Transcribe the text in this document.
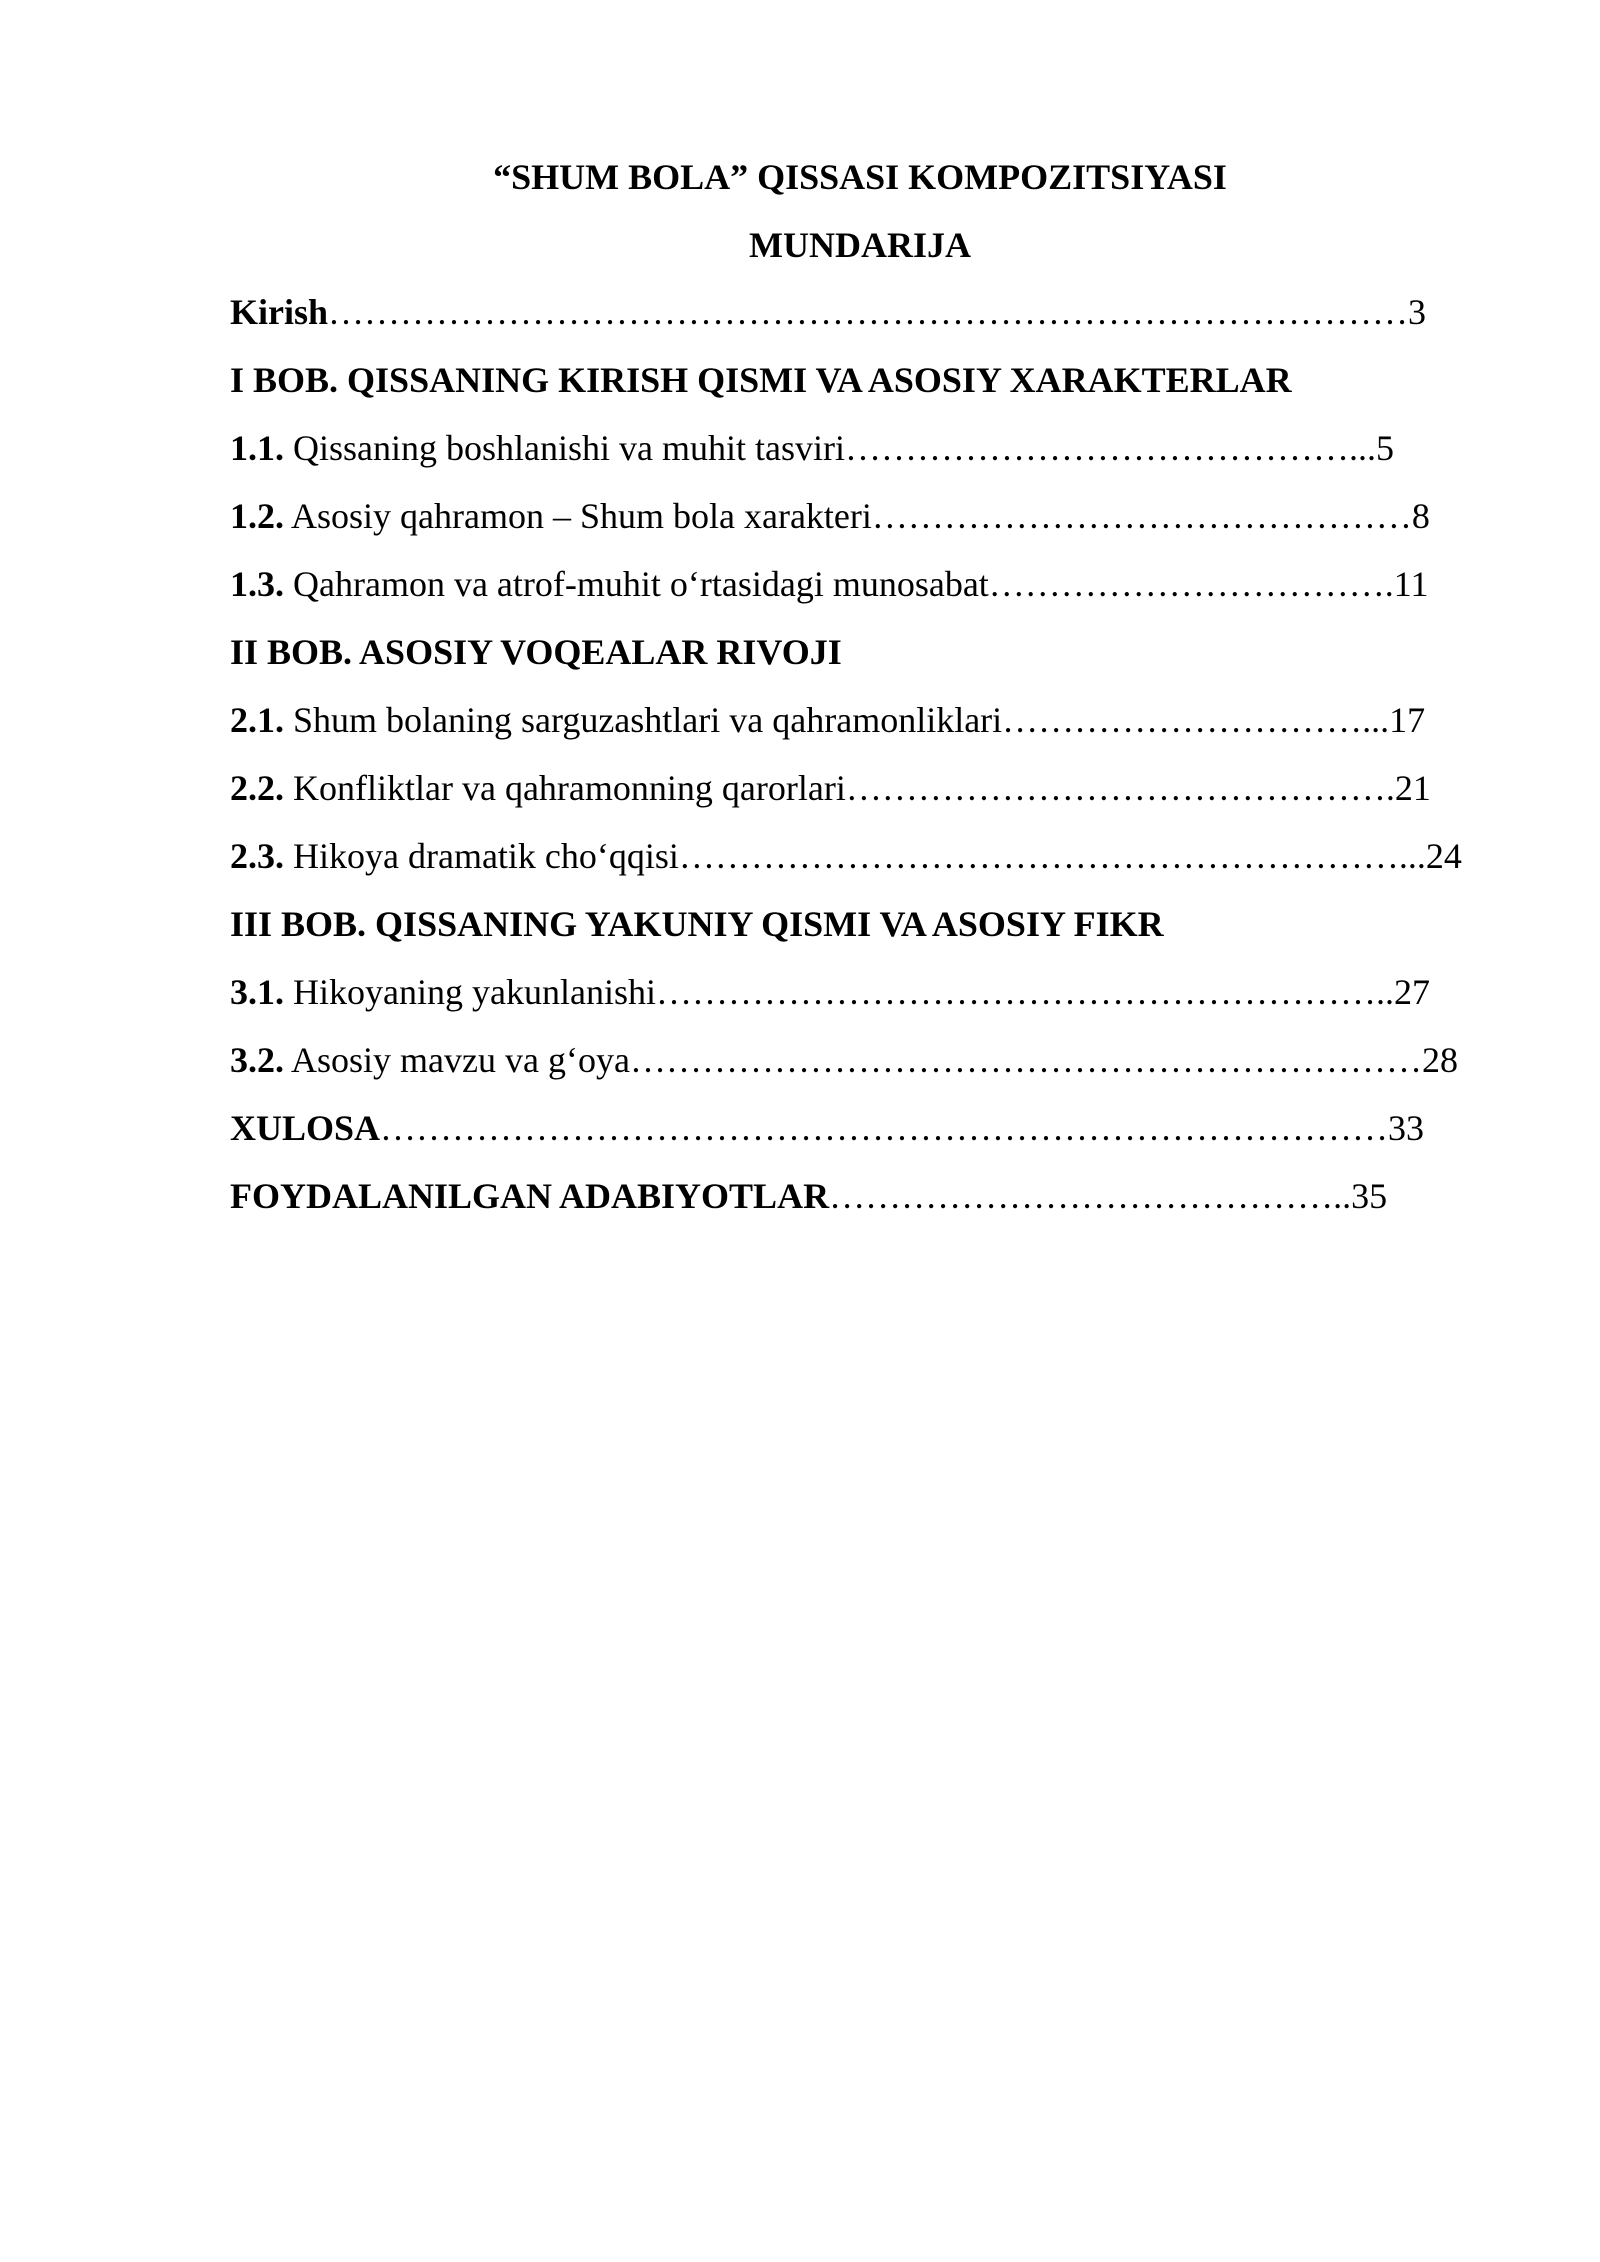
“SHUM BOLA” QISSASI KOMPOZITSIYASI
MUNDARIJA
Kirish………………………………………………………………………………3
I BOB. QISSANING KIRISH QISMI VA ASOSIY XARAKTERLAR
1.1. Qissaning boshlanishi va muhit tasviri……………………………………...5
1.2. Asosiy qahramon – Shum bola xarakteri………………………………………8
1.3. Qahramon va atrof-muhit o‘rtasidagi munosabat…………………………….11
II BOB. ASOSIY VOQEALAR RIVOJI
2.1. Shum bolaning sarguzashtlari va qahramonliklari…………………………...17
2.2. Konfliktlar va qahramonning qarorlari……………………………………….21
2.3. Hikoya dramatik cho‘qqisi……………………………………………………...24
III BOB. QISSANING YAKUNIY QISMI VA ASOSIY FIKR
3.1. Hikoyaning yakunlanishi……………………………………………………..27
3.2. Asosiy mavzu va g‘oya…………………………………………………………28
XULOSA…………………………………………………………………………33
FOYDALANILGAN ADABIYOTLAR……………………………………..35
